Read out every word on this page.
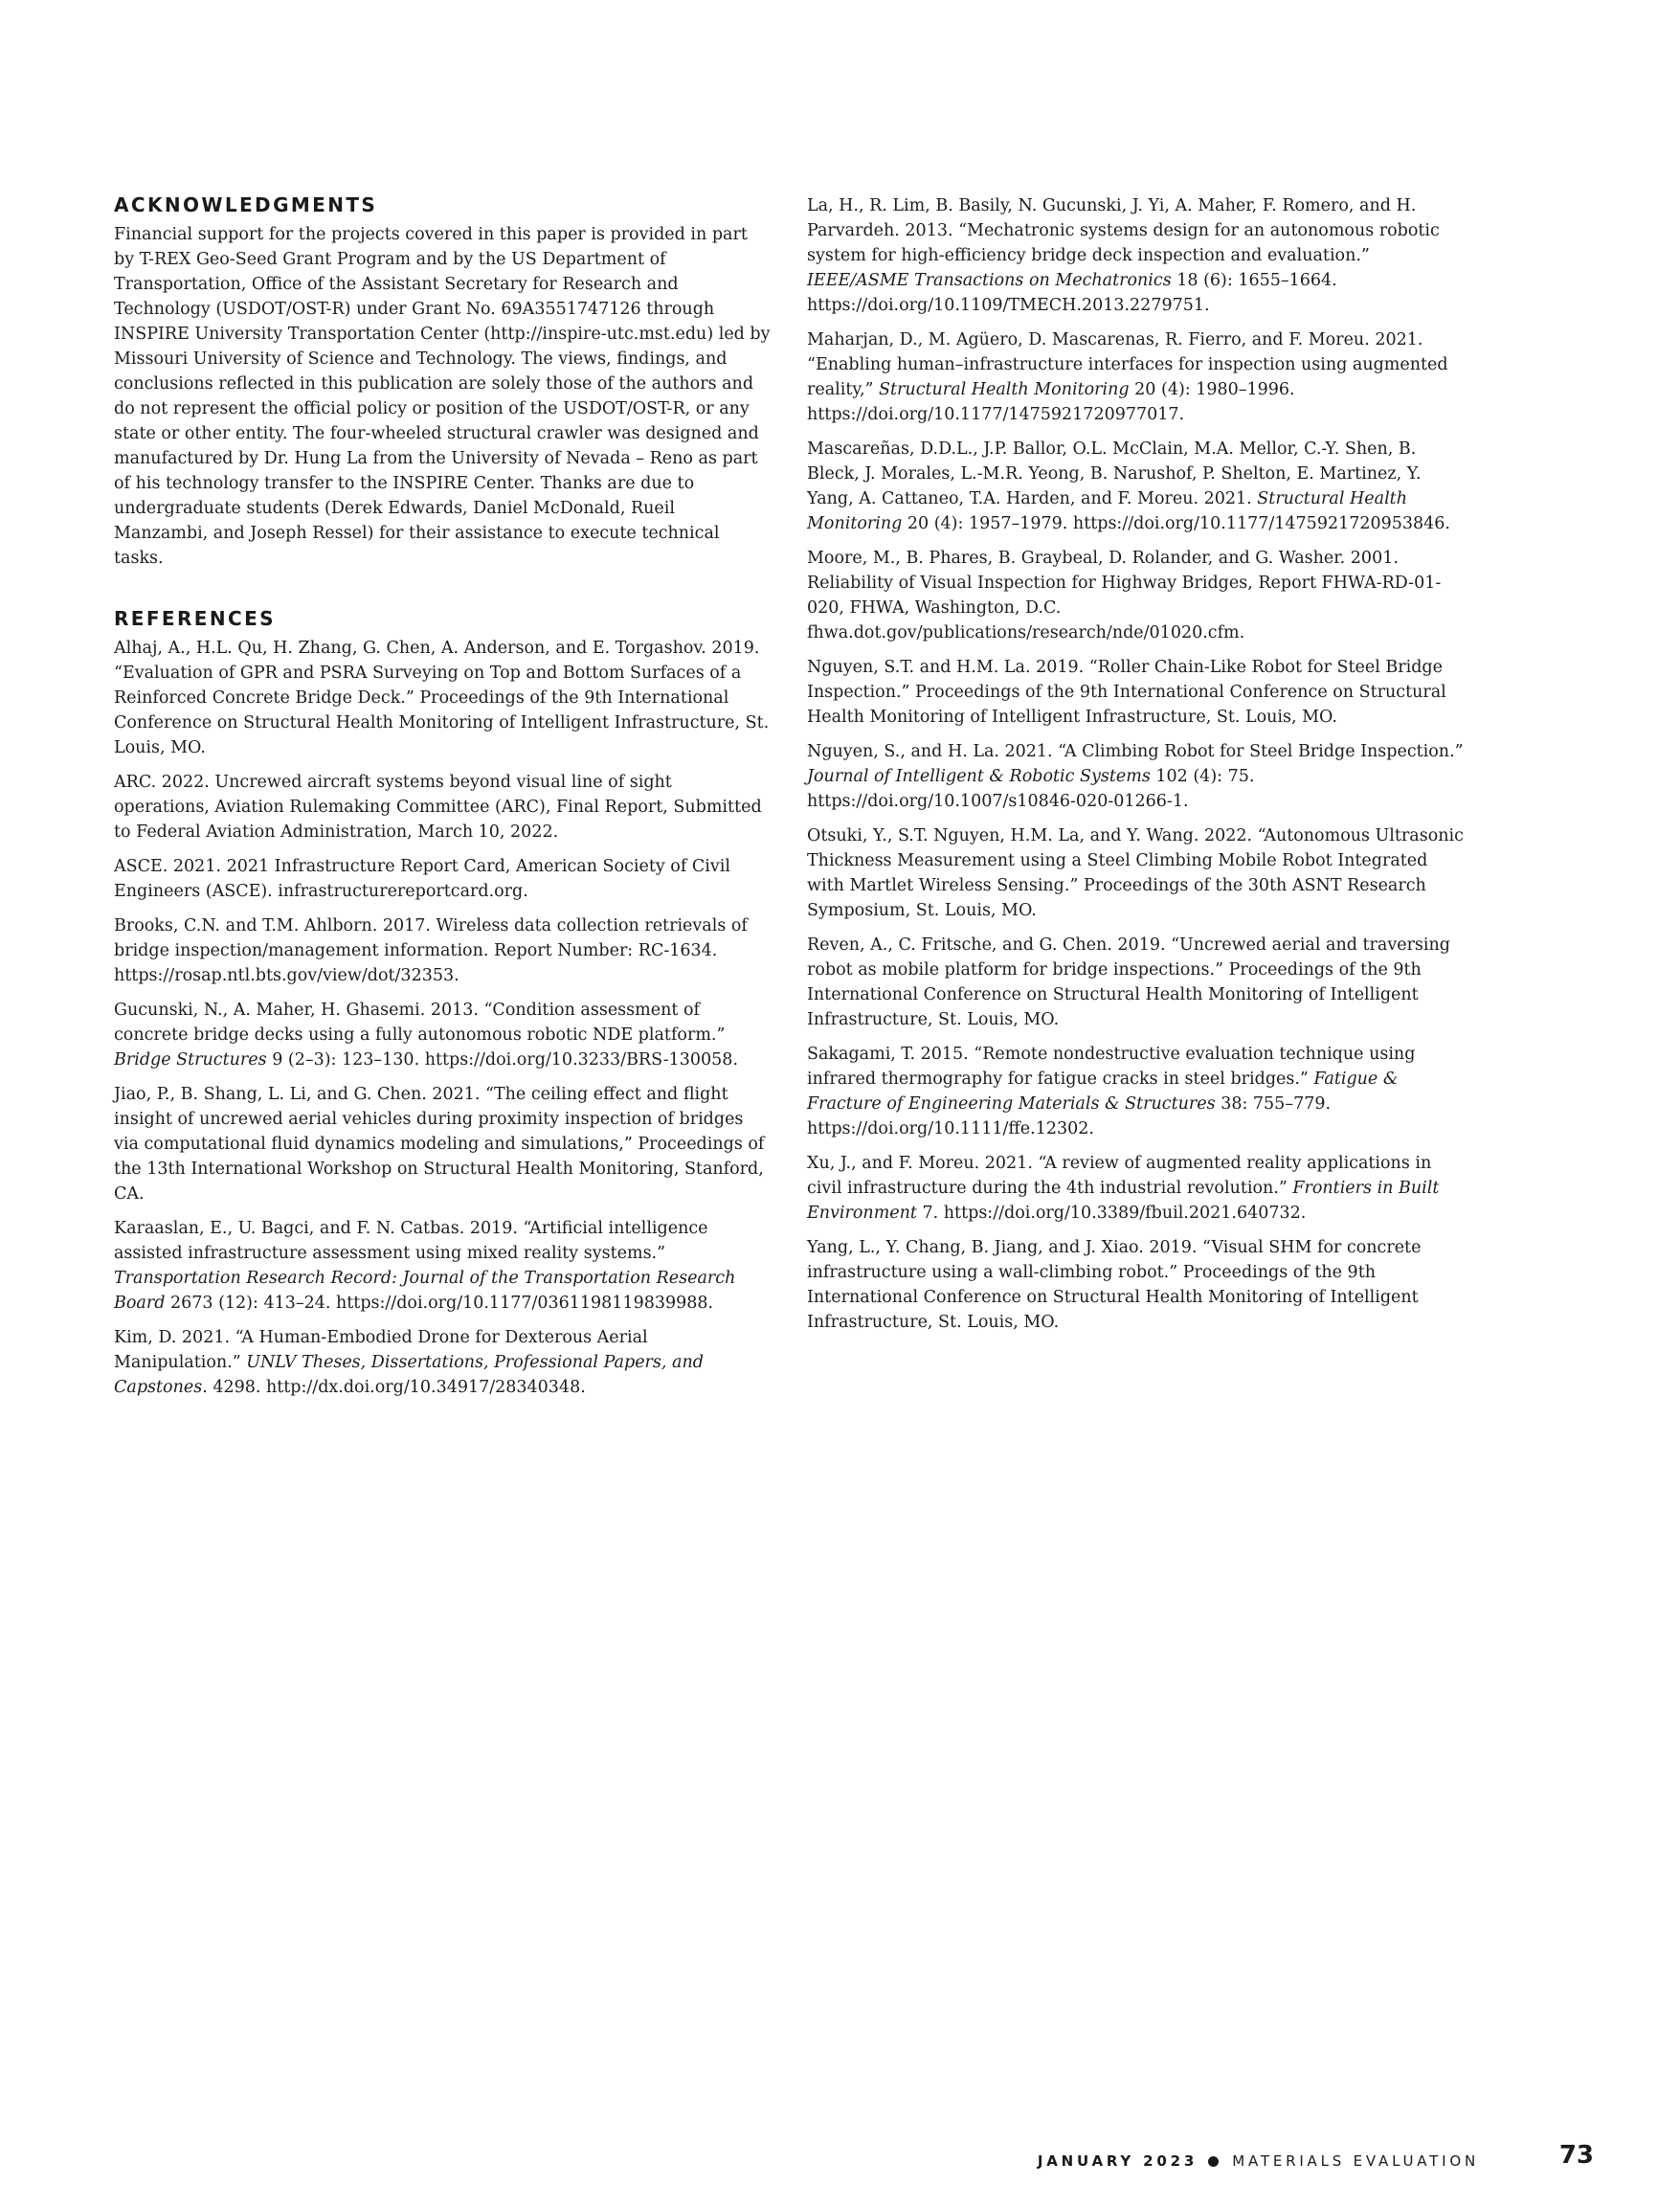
ACKNOWLEDGMENTS

Financial support for the projects covered in this paper is provided in part by T-REX Geo-Seed Grant Program and by the US Department of Transportation, Office of the Assistant Secretary for Research and Technology (USDOT/OST-R) under Grant No. 69A3551747126 through INSPIRE University Transportation Center (http://inspire-utc.mst.edu) led by Missouri University of Science and Technology. The views, findings, and conclusions reflected in this publication are solely those of the authors and do not represent the official policy or position of the USDOT/OST-R, or any state or other entity. The four-wheeled structural crawler was designed and manufactured by Dr. Hung La from the University of Nevada – Reno as part of his technology transfer to the INSPIRE Center. Thanks are due to undergraduate students (Derek Edwards, Daniel McDonald, Rueil Manzambi, and Joseph Ressel) for their assistance to execute technical tasks.

REFERENCES
Alhaj, A., H.L. Qu, H. Zhang, G. Chen, A. Anderson, and E. Torgashov. 2019. “Evaluation of GPR and PSRA Surveying on Top and Bottom Surfaces of a Reinforced Concrete Bridge Deck.” Proceedings of the 9th International Conference on Structural Health Monitoring of Intelligent Infrastructure, St. Louis, MO.
ARC. 2022. Uncrewed aircraft systems beyond visual line of sight operations, Aviation Rulemaking Committee (ARC), Final Report, Submitted to Federal Aviation Administration, March 10, 2022.
ASCE. 2021. 2021 Infrastructure Report Card, American Society of Civil Engineers (ASCE). infrastructurereportcard.org.
Brooks, C.N. and T.M. Ahlborn. 2017. Wireless data collection retrievals of bridge inspection/management information. Report Number: RC-1634. https://rosap.ntl.bts.gov/view/dot/32353.
Gucunski, N., A. Maher, H. Ghasemi. 2013. “Condition assessment of concrete bridge decks using a fully autonomous robotic NDE platform.” Bridge Structures 9 (2–3): 123–130. https://doi.org/10.3233/BRS-130058.
Jiao, P., B. Shang, L. Li, and G. Chen. 2021. “The ceiling effect and flight insight of uncrewed aerial vehicles during proximity inspection of bridges via computational fluid dynamics modeling and simulations,” Proceedings of the 13th International Workshop on Structural Health Monitoring, Stanford, CA.
Karaaslan, E., U. Bagci, and F. N. Catbas. 2019. “Artificial intelligence assisted infrastructure assessment using mixed reality systems.” Transportation Research Record: Journal of the Transportation Research Board 2673 (12): 413–24. https://doi.org/10.1177/0361198119839988.
Kim, D. 2021. “A Human-Embodied Drone for Dexterous Aerial Manipulation.” UNLV Theses, Dissertations, Professional Papers, and Capstones. 4298. http://dx.doi.org/10.34917/28340348.
La, H., R. Lim, B. Basily, N. Gucunski, J. Yi, A. Maher, F. Romero, and H. Parvardeh. 2013. “Mechatronic systems design for an autonomous robotic system for high-efficiency bridge deck inspection and evaluation.” IEEE/ASME Transactions on Mechatronics 18 (6): 1655–1664. https://doi.org/10.1109/TMECH.2013.2279751.
Maharjan, D., M. Agüero, D. Mascarenas, R. Fierro, and F. Moreu. 2021. “Enabling human–infrastructure interfaces for inspection using augmented reality,” Structural Health Monitoring 20 (4): 1980–1996. https://doi.org/10.1177/1475921720977017.
Mascareñas, D.D.L., J.P. Ballor, O.L. McClain, M.A. Mellor, C.-Y. Shen, B. Bleck, J. Morales, L.-M.R. Yeong, B. Narushof, P. Shelton, E. Martinez, Y. Yang, A. Cattaneo, T.A. Harden, and F. Moreu. 2021. Structural Health Monitoring 20 (4): 1957–1979. https://doi.org/10.1177/1475921720953846.
Moore, M., B. Phares, B. Graybeal, D. Rolander, and G. Washer. 2001. Reliability of Visual Inspection for Highway Bridges, Report FHWA-RD-01-020, FHWA, Washington, D.C. fhwa.dot.gov/publications/research/nde/01020.cfm.
Nguyen, S.T. and H.M. La. 2019. “Roller Chain-Like Robot for Steel Bridge Inspection.” Proceedings of the 9th International Conference on Structural Health Monitoring of Intelligent Infrastructure, St. Louis, MO.
Nguyen, S., and H. La. 2021. “A Climbing Robot for Steel Bridge Inspection.” Journal of Intelligent & Robotic Systems 102 (4): 75. https://doi.org/10.1007/s10846-020-01266-1.
Otsuki, Y., S.T. Nguyen, H.M. La, and Y. Wang. 2022. “Autonomous Ultrasonic Thickness Measurement using a Steel Climbing Mobile Robot Integrated with Martlet Wireless Sensing.” Proceedings of the 30th ASNT Research Symposium, St. Louis, MO.
Reven, A., C. Fritsche, and G. Chen. 2019. “Uncrewed aerial and traversing robot as mobile platform for bridge inspections.” Proceedings of the 9th International Conference on Structural Health Monitoring of Intelligent Infrastructure, St. Louis, MO.
Sakagami, T. 2015. “Remote nondestructive evaluation technique using infrared thermography for fatigue cracks in steel bridges.” Fatigue & Fracture of Engineering Materials & Structures 38: 755–779. https://doi.org/10.1111/ffe.12302.
Xu, J., and F. Moreu. 2021. “A review of augmented reality applications in civil infrastructure during the 4th industrial revolution.” Frontiers in Built Environment 7. https://doi.org/10.3389/fbuil.2021.640732.
Yang, L., Y. Chang, B. Jiang, and J. Xiao. 2019. “Visual SHM for concrete infrastructure using a wall-climbing robot.” Proceedings of the 9th International Conference on Structural Health Monitoring of Intelligent Infrastructure, St. Louis, MO.
JANUARY 2023 MATERIALS EVALUATION	73
